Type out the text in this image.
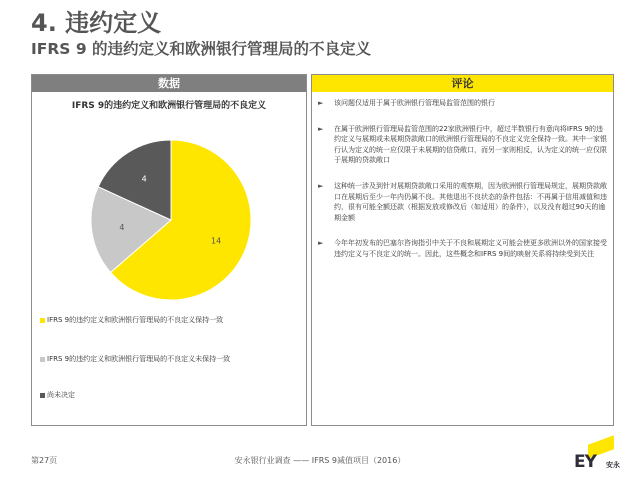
4. 违约定义
IFRS 9 的违约定义和欧洲银行管理局的不良定义
数据
IFRS 9的违约定义和欧洲银行管理局的不良定义
14
4
4
IFRS 9的违约定义和欧洲银行管理局的不良定义保持一致
IFRS 9的违约定义和欧洲银行管理局的不良定义未保持一致
尚未决定
评论
► 该问题仅适用于属于欧洲银行管理局监管范围的银行
► 在属于欧洲银行管理局监管范围的22家欧洲银行中，超过半数银行有意向将IFRS 9的违约定义与展期或未展期贷款敞口的欧洲银行管理局的不良定义完全保持一致。其中一家银行认为定义的统一应仅限于未展期的信贷敞口，而另一家则相反，认为定义的统一应仅限于展期的贷款敞口
► 这种统一涉及到针对展期贷款敞口采用的观察期，因为欧洲银行管理局规定，展期贷款敞口在展期后至少一年内仍属不良。其他退出不良状态的条件包括：不再属于信用减值和违约，很有可能全额还款（根据发放或修改后（如适用）的条件），以及没有超过90天的逾期金额
► 今年年初发布的巴塞尔咨询指引中关于不良和展期定义可能会使更多欧洲以外的国家接受违约定义与不良定义的统一。因此，这些概念和IFRS 9间的映射关系将持续受到关注
第27页	安永银行业调查 —— IFRS 9减值项目（2016）	EY 安永
